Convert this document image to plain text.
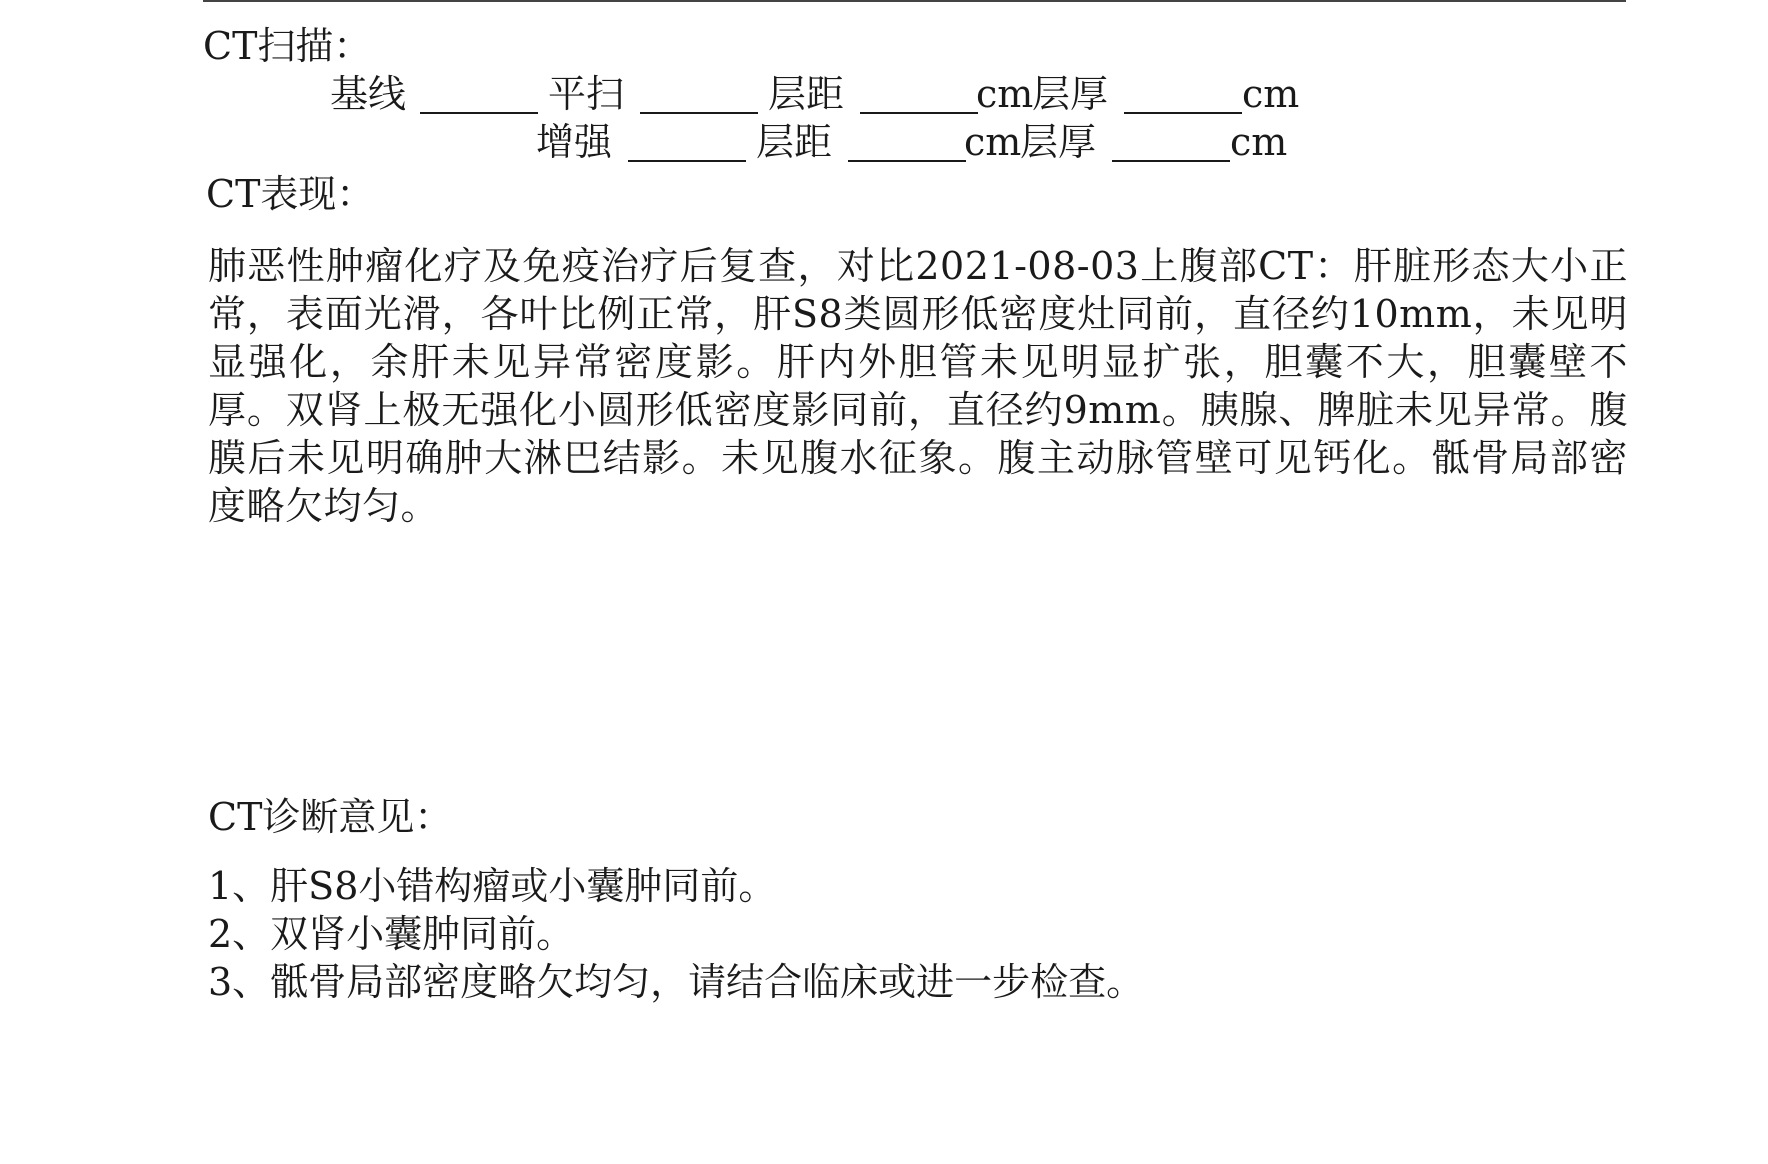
CT扫描：
基线	平扫	层距	cm
层厚	cm
增强	层距	cm
层厚	cm
CT表现：

肺恶性肿瘤化疗及免疫治疗后复查，对比2021-08-03上腹部CT：肝脏形态大小正常，表面光滑，各叶比例正常，肝S8类圆形低密度灶同前，直径约10mm，未见明显强化，余肝未见异常密度影。肝内外胆管未见明显扩张，胆囊不大，胆囊壁不厚。双肾上极无强化小圆形低密度影同前，直径约9mm。胰腺、脾脏未见异常。腹膜后未见明确肿大淋巴结影。未见腹水征象。腹主动脉管壁可见钙化。骶骨局部密度略欠均匀。

CT诊断意见：
1、肝S8小错构瘤或小囊肿同前。
2、双肾小囊肿同前。
3、骶骨局部密度略欠均匀，请结合临床或进一步检查。
